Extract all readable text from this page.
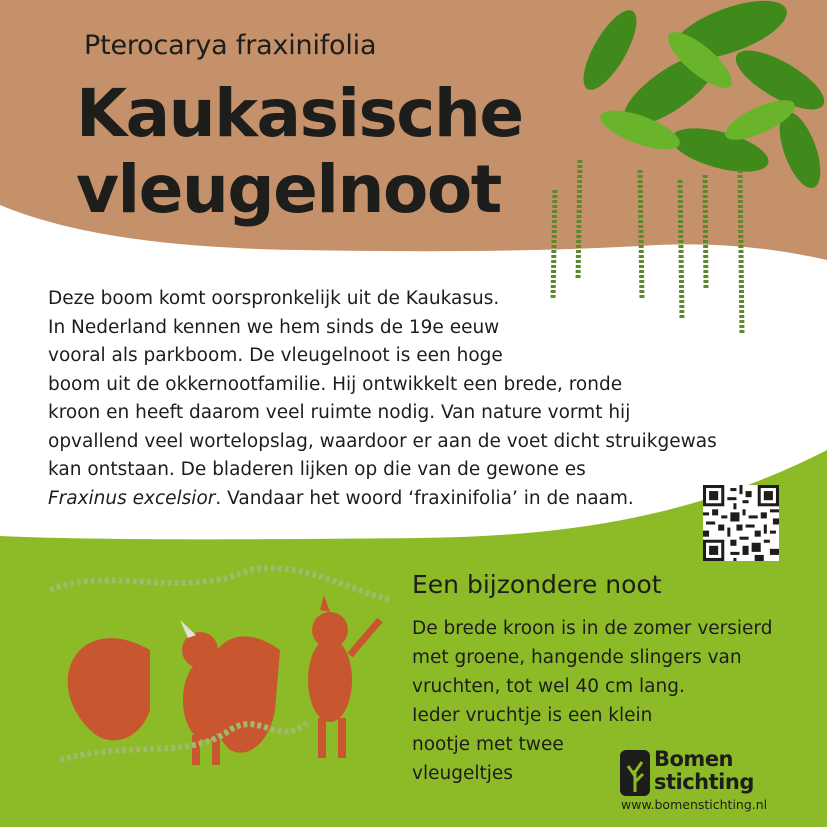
Pterocarya fraxinifolia
Kaukasische
vleugelnoot
Deze boom komt oorspronkelijk uit de Kaukasus.
In Nederland kennen we hem sinds de 19e eeuw
vooral als parkboom. De vleugelnoot is een hoge
boom uit de okkernootfamilie. Hij ontwikkelt een brede, ronde
kroon en heeft daarom veel ruimte nodig. Van nature vormt hij
opvallend veel wortelopslag, waardoor er aan de voet dicht struikgewas
kan ontstaan. De bladeren lijken op die van de gewone es
Fraxinus excelsior. Vandaar het woord ‘fraxinifolia’ in de naam.
Een bijzondere noot
De brede kroon is in de zomer versierd
met groene, hangende slingers van
vruchten, tot wel 40 cm lang.
Ieder vruchtje is een klein
nootje met twee
vleugeltjes
Bomen
stichting
www.bomenstichting.nl
